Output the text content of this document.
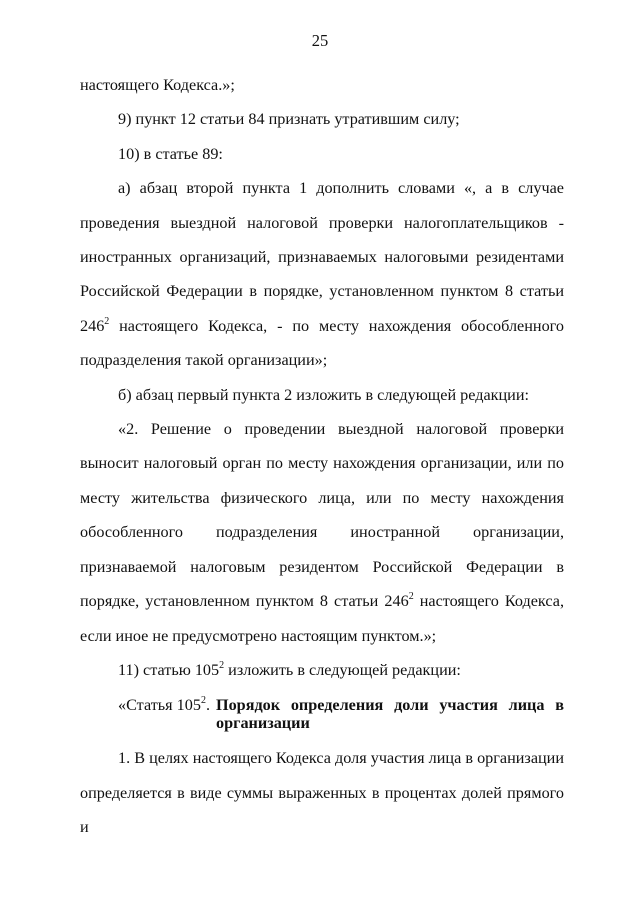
25

настоящего Кодекса.»;

9) пункт 12 статьи 84 признать утратившим силу;

10) в статье 89:

а) абзац второй пункта 1 дополнить словами «, а в случае проведения выездной налоговой проверки налогоплательщиков - иностранных организаций, признаваемых налоговыми резидентами Российской Федерации в порядке, установленном пунктом 8 статьи $246^2$ настоящего Кодекса, - по месту нахождения обособленного подразделения такой организации»;

б) абзац первый пункта 2 изложить в следующей редакции:

«2. Решение о проведении выездной налоговой проверки выносит налоговый орган по месту нахождения организации, или по месту жительства физического лица, или по месту нахождения обособленного подразделения иностранной организации, признаваемой налоговым резидентом Российской Федерации в порядке, установленном пунктом 8 статьи $246^2$ настоящего Кодекса, если иное не предусмотрено настоящим пунктом.»;

11) статью $105^2$ изложить в следующей редакции:

«Статья $105^2$. Порядок определения доли участия лица в
организации

1. В целях настоящего Кодекса доля участия лица в организации определяется в виде суммы выраженных в процентах долей прямого и
